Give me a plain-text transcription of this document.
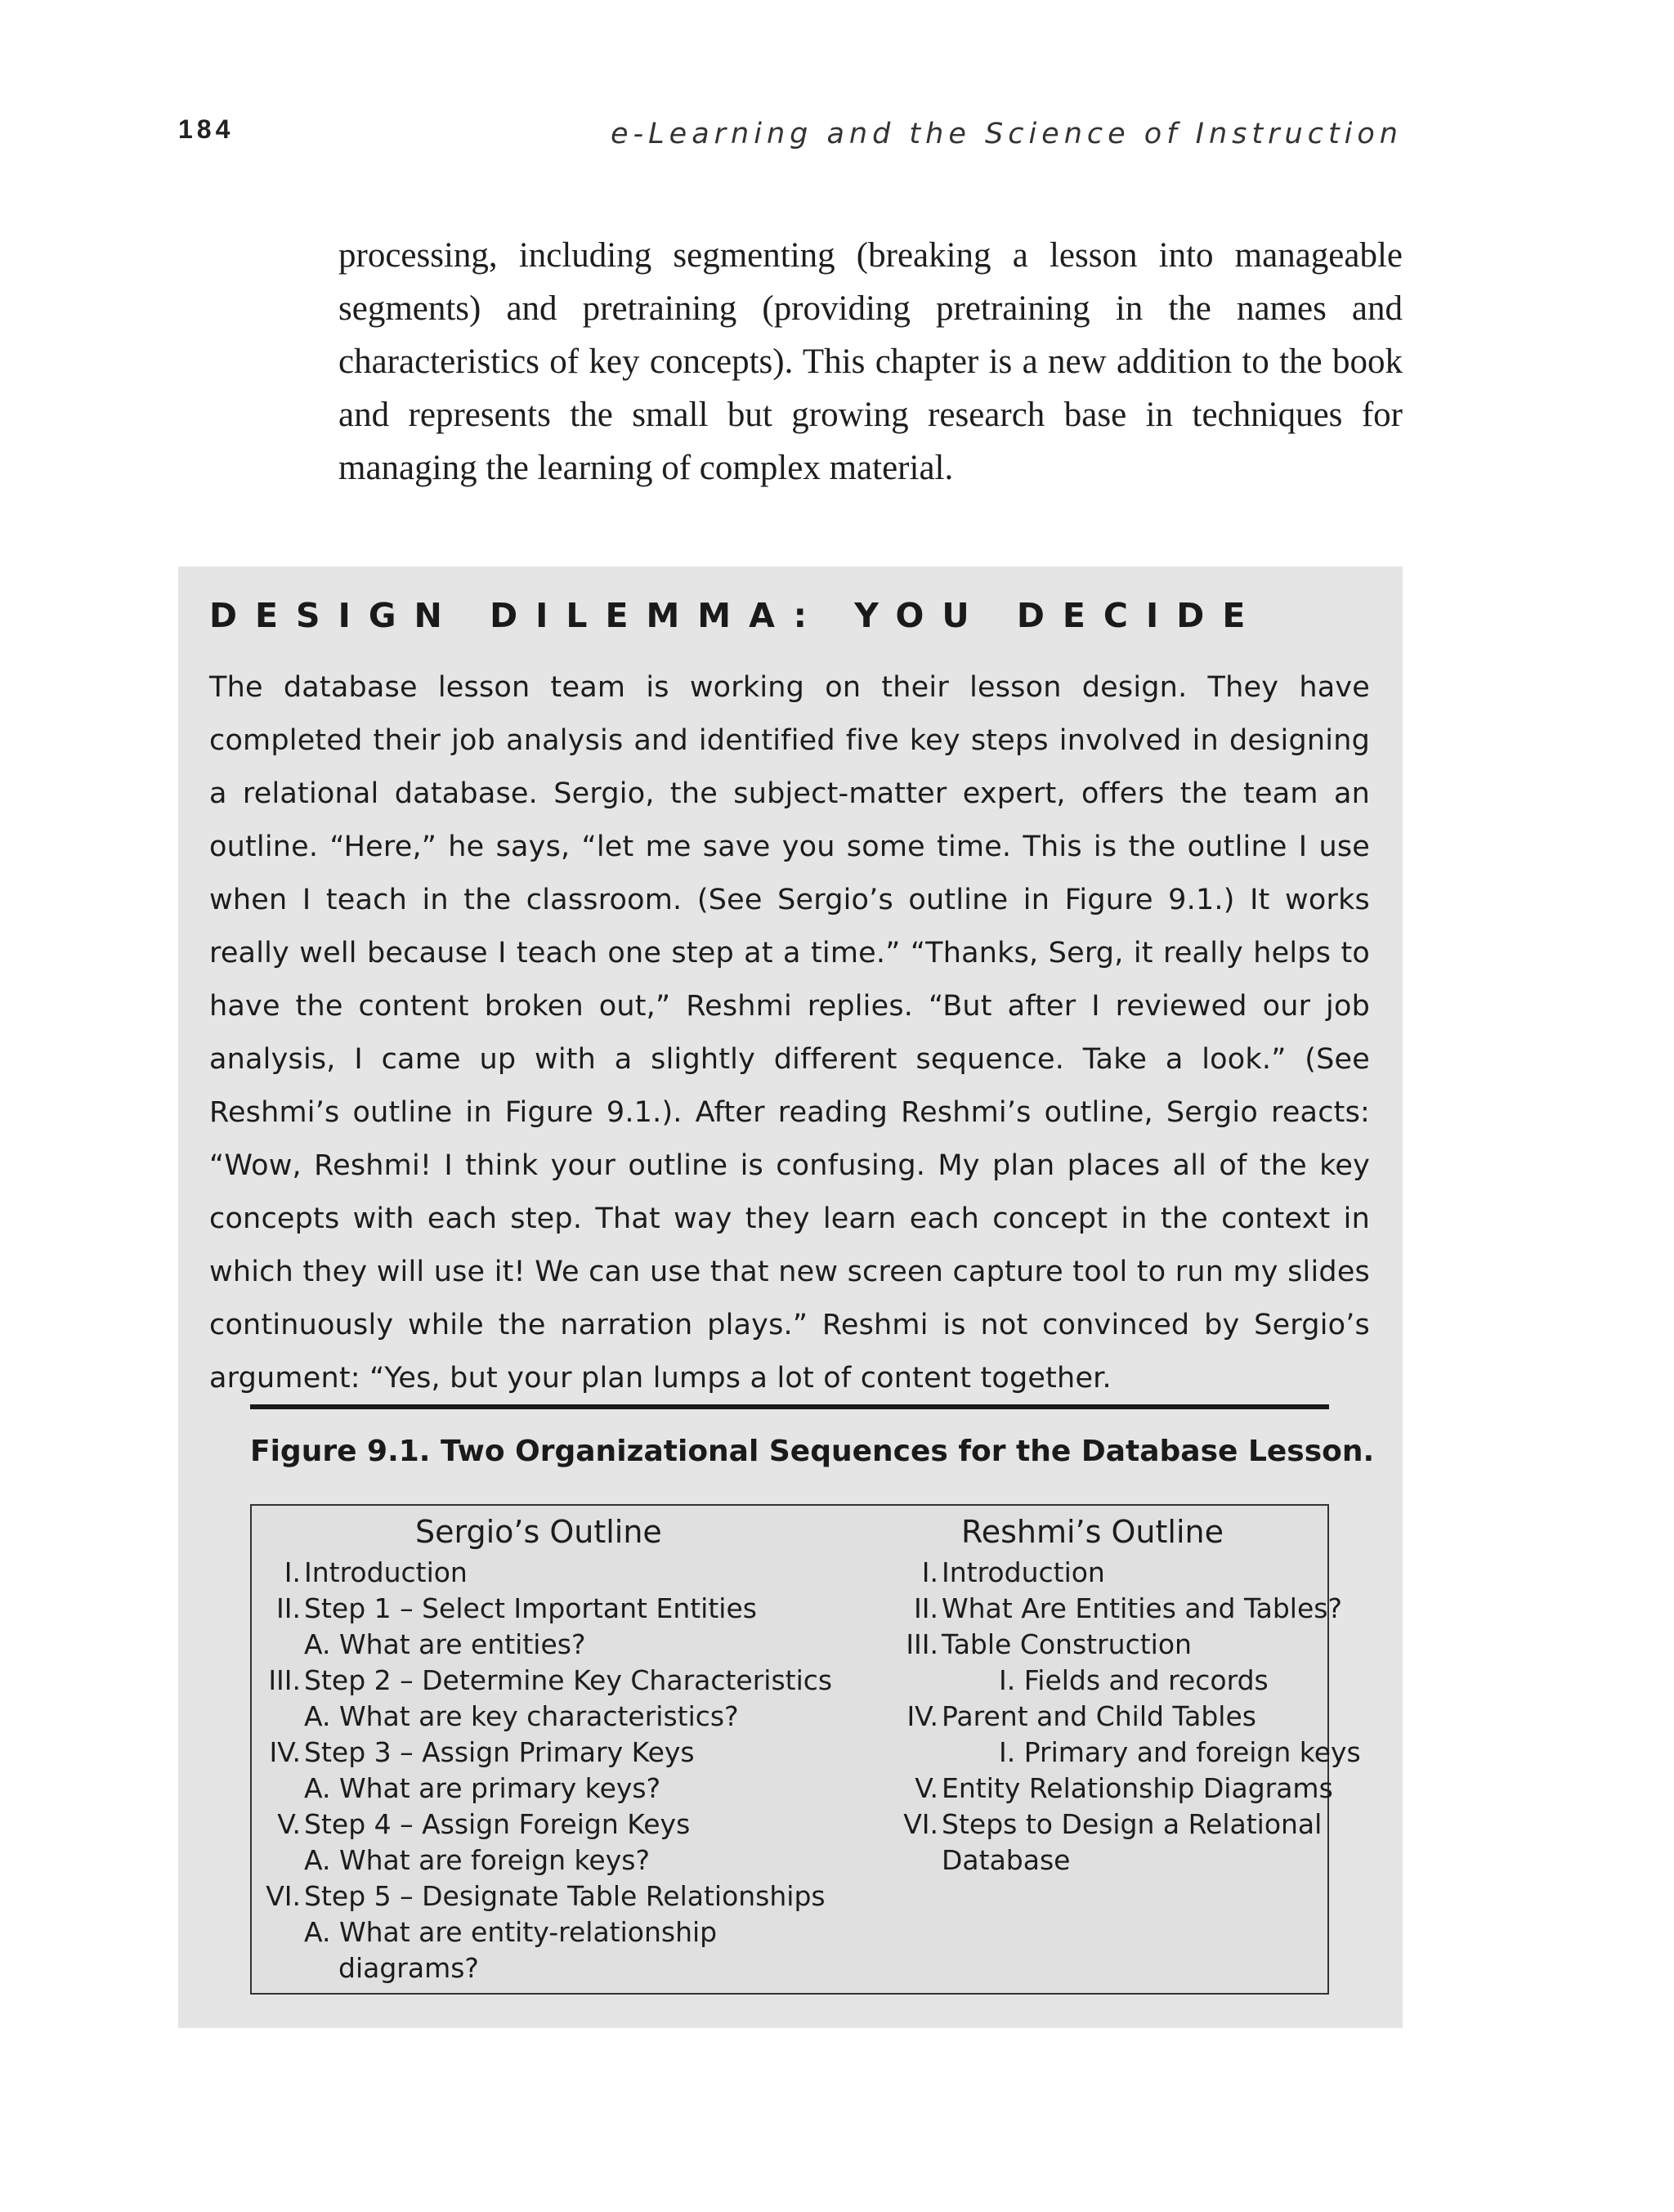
184	e-Learning and the Science of Instruction

processing, including segmenting (breaking a lesson into manageable segments) and pretraining (providing pretraining in the names and characteristics of key concepts). This chapter is a new addition to the book and represents the small but growing research base in techniques for managing the learning of complex material.

DESIGN DILEMMA: YOU DECIDE

The database lesson team is working on their lesson design. They have completed their job analysis and identified five key steps involved in designing a relational database. Sergio, the subject-matter expert, offers the team an outline. “Here,” he says, “let me save you some time. This is the outline I use when I teach in the classroom. (See Sergio’s outline in Figure 9.1.) It works really well because I teach one step at a time.” “Thanks, Serg, it really helps to have the content broken out,” Reshmi replies. “But after I reviewed our job analysis, I came up with a slightly different sequence. Take a look.” (See Reshmi’s outline in Figure 9.1.). After reading Reshmi’s outline, Sergio reacts: “Wow, Reshmi! I think your outline is confusing. My plan places all of the key concepts with each step. That way they learn each concept in the context in which they will use it! We can use that new screen capture tool to run my slides continuously while the narration plays.” Reshmi is not convinced by Sergio’s argument: “Yes, but your plan lumps a lot of content together.

Figure 9.1. Two Organizational Sequences for the Database Lesson.

Sergio’s Outline
I. Introduction
II. Step 1 – Select Important Entities
A. What are entities?
III. Step 2 – Determine Key Characteristics
A. What are key characteristics?
IV. Step 3 – Assign Primary Keys
A. What are primary keys?
V. Step 4 – Assign Foreign Keys
A. What are foreign keys?
VI. Step 5 – Designate Table Relationships
A. What are entity-relationship
diagrams?
Reshmi’s Outline
I. Introduction
II. What Are Entities and Tables?
III. Table Construction
I. Fields and records
IV. Parent and Child Tables
I. Primary and foreign keys
V. Entity Relationship Diagrams
VI. Steps to Design a Relational
Database
